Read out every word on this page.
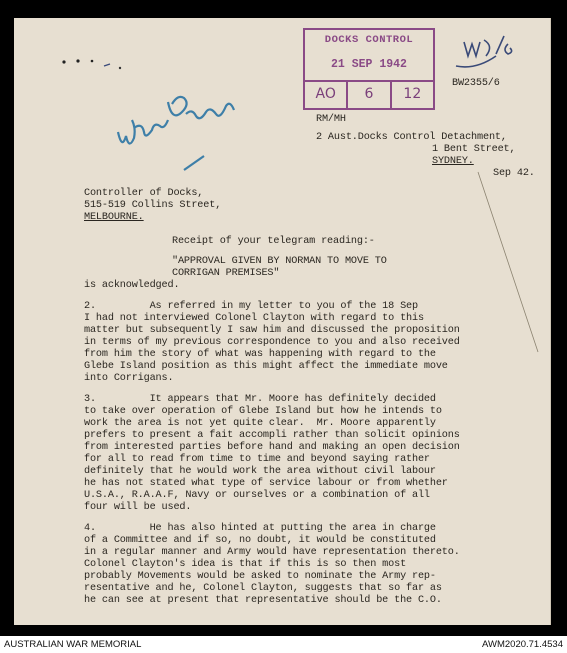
DOCKS CONTROL
21 SEP 1942
AO	6	12
BW2355/6
RM/MH
2 Aust.Docks Control Detachment,
1 Bent Street,
SYDNEY.
Sep 42.
Controller of Docks,
515-519 Collins Street,
MELBOURNE.
Receipt of your telegram reading:-
"APPROVAL GIVEN BY NORMAN TO MOVE TO
CORRIGAN PREMISES"
is acknowledged.
2.         As referred in my letter to you of the 18 Sep
I had not interviewed Colonel Clayton with regard to this
matter but subsequently I saw him and discussed the proposition
in terms of my previous correspondence to you and also received
from him the story of what was happening with regard to the
Glebe Island position as this might affect the immediate move
into Corrigans.
3.         It appears that Mr. Moore has definitely decided
to take over operation of Glebe Island but how he intends to
work the area is not yet quite clear.  Mr. Moore apparently
prefers to present a fait accompli rather than solicit opinions
from interested parties before hand and making an open decision
for all to read from time to time and beyond saying rather
definitely that he would work the area without civil labour
he has not stated what type of service labour or from whether
U.S.A., R.A.A.F, Navy or ourselves or a combination of all
four will be used.
4.         He has also hinted at putting the area in charge
of a Committee and if so, no doubt, it would be constituted
in a regular manner and Army would have representation thereto.
Colonel Clayton's idea is that if this is so then most
probably Movements would be asked to nominate the Army rep-
resentative and he, Colonel Clayton, suggests that so far as
he can see at present that representative should be the C.O.
AUSTRALIAN WAR MEMORIAL	AWM2020.71.4534
